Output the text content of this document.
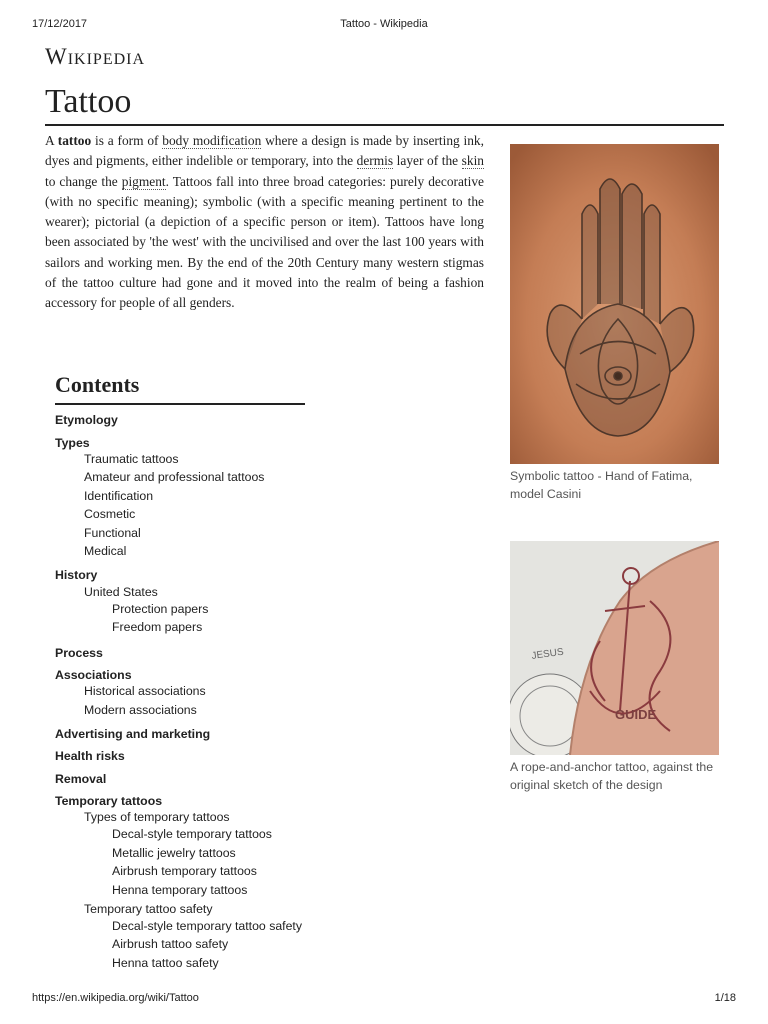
17/12/2017	Tattoo - Wikipedia
Wikipedia
Tattoo

A tattoo is a form of body modification where a design is made by inserting ink, dyes and pigments, either indelible or temporary, into the dermis layer of the skin to change the pigment. Tattoos fall into three broad categories: purely decorative (with no specific meaning); symbolic (with a specific meaning pertinent to the wearer); pictorial (a depiction of a specific person or item). Tattoos have long been associated by 'the west' with the uncivilised and over the last 100 years with sailors and working men. By the end of the 20th Century many western stigmas of the tattoo culture had gone and it moved into the realm of being a fashion accessory for people of all genders.

Contents
Etymology
Types
Traumatic tattoos
Amateur and professional tattoos
Identification
Cosmetic
Functional
Medical
History
United States
Protection papers
Freedom papers
Process
Associations
Historical associations
Modern associations
Advertising and marketing
Health risks
Removal
Temporary tattoos
Types of temporary tattoos
Decal-style temporary tattoos
Metallic jewelry tattoos
Airbrush temporary tattoos
Henna temporary tattoos
Temporary tattoo safety
Decal-style temporary tattoo safety
Airbrush tattoo safety
Henna tattoo safety
Symbolic tattoo - Hand of Fatima, model Casini
GUIDE
JESUS
A rope-and-anchor tattoo, against the original sketch of the design
https://en.wikipedia.org/wiki/Tattoo	1/18
